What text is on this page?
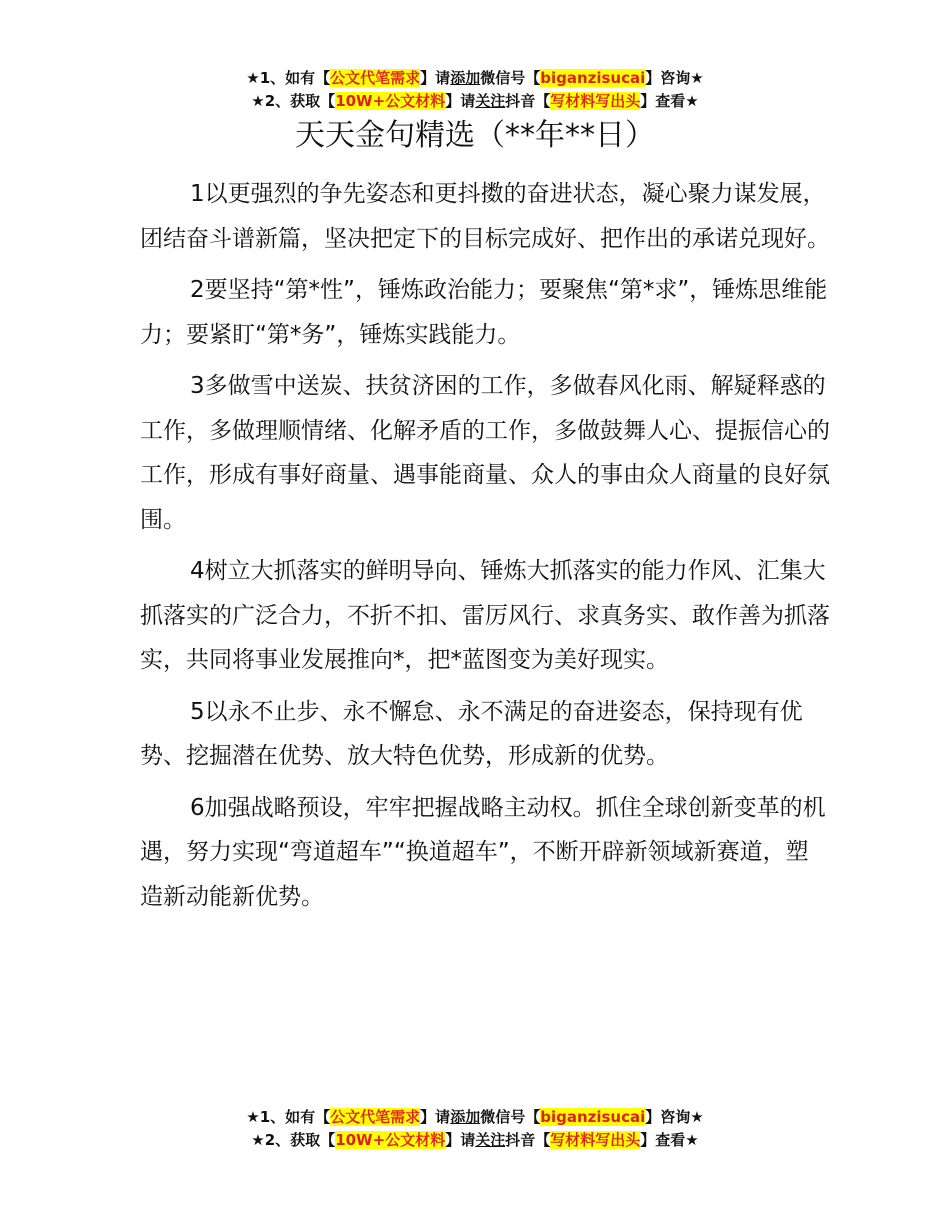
★1、如有【公文代笔需求】请添加微信号【biganzisucai】咨询★
★2、获取【10W+公文材料】请关注抖音【写材料写出头】查看★
天天金句精选（**年**日）

1以更强烈的争先姿态和更抖擞的奋进状态，凝心聚力谋发展，团结奋斗谱新篇，坚决把定下的目标完成好、把作出的承诺兑现好。

2要坚持“第*性”，锤炼政治能力；要聚焦“第*求”，锤炼思维能力；要紧盯“第*务”，锤炼实践能力。

3多做雪中送炭、扶贫济困的工作，多做春风化雨、解疑释惑的工作，多做理顺情绪、化解矛盾的工作，多做鼓舞人心、提振信心的工作，形成有事好商量、遇事能商量、众人的事由众人商量的良好氛围。

4树立大抓落实的鲜明导向、锤炼大抓落实的能力作风、汇集大抓落实的广泛合力，不折不扣、雷厉风行、求真务实、敢作善为抓落实，共同将事业发展推向*，把*蓝图变为美好现实。

5以永不止步、永不懈怠、永不满足的奋进姿态，保持现有优势、挖掘潜在优势、放大特色优势，形成新的优势。

6加强战略预设，牢牢把握战略主动权。抓住全球创新变革的机遇，努力实现“弯道超车”“换道超车”，不断开辟新领域新赛道，塑造新动能新优势。

★1、如有【公文代笔需求】请添加微信号【biganzisucai】咨询★
★2、获取【10W+公文材料】请关注抖音【写材料写出头】查看★
